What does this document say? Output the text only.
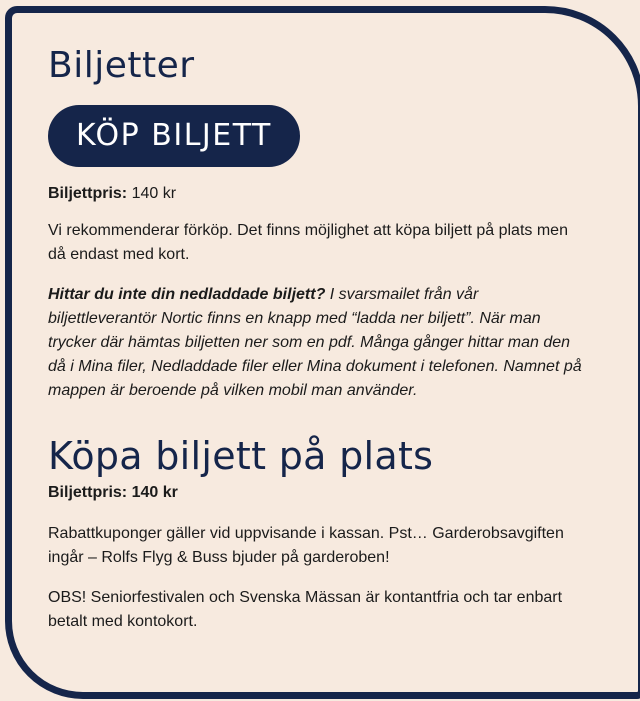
Biljetter
KÖP BILJETT

Biljettpris: 140 kr

Vi rekommenderar förköp. Det finns möjlighet att köpa biljett på plats men då endast med kort.

Hittar du inte din nedladdade biljett? I svarsmailet från vår biljettleverantör Nortic finns en knapp med “ladda ner biljett”. När man trycker där hämtas biljetten ner som en pdf. Många gånger hittar man den då i Mina filer, Nedladdade filer eller Mina dokument i telefonen. Namnet på mappen är beroende på vilken mobil man använder.

Köpa biljett på plats

Biljettpris: 140 kr

Rabattkuponger gäller vid uppvisande i kassan. Pst… Garderobsavgiften ingår – Rolfs Flyg & Buss bjuder på garderoben!

OBS! Seniorfestivalen och Svenska Mässan är kontantfria och tar enbart betalt med kontokort.
